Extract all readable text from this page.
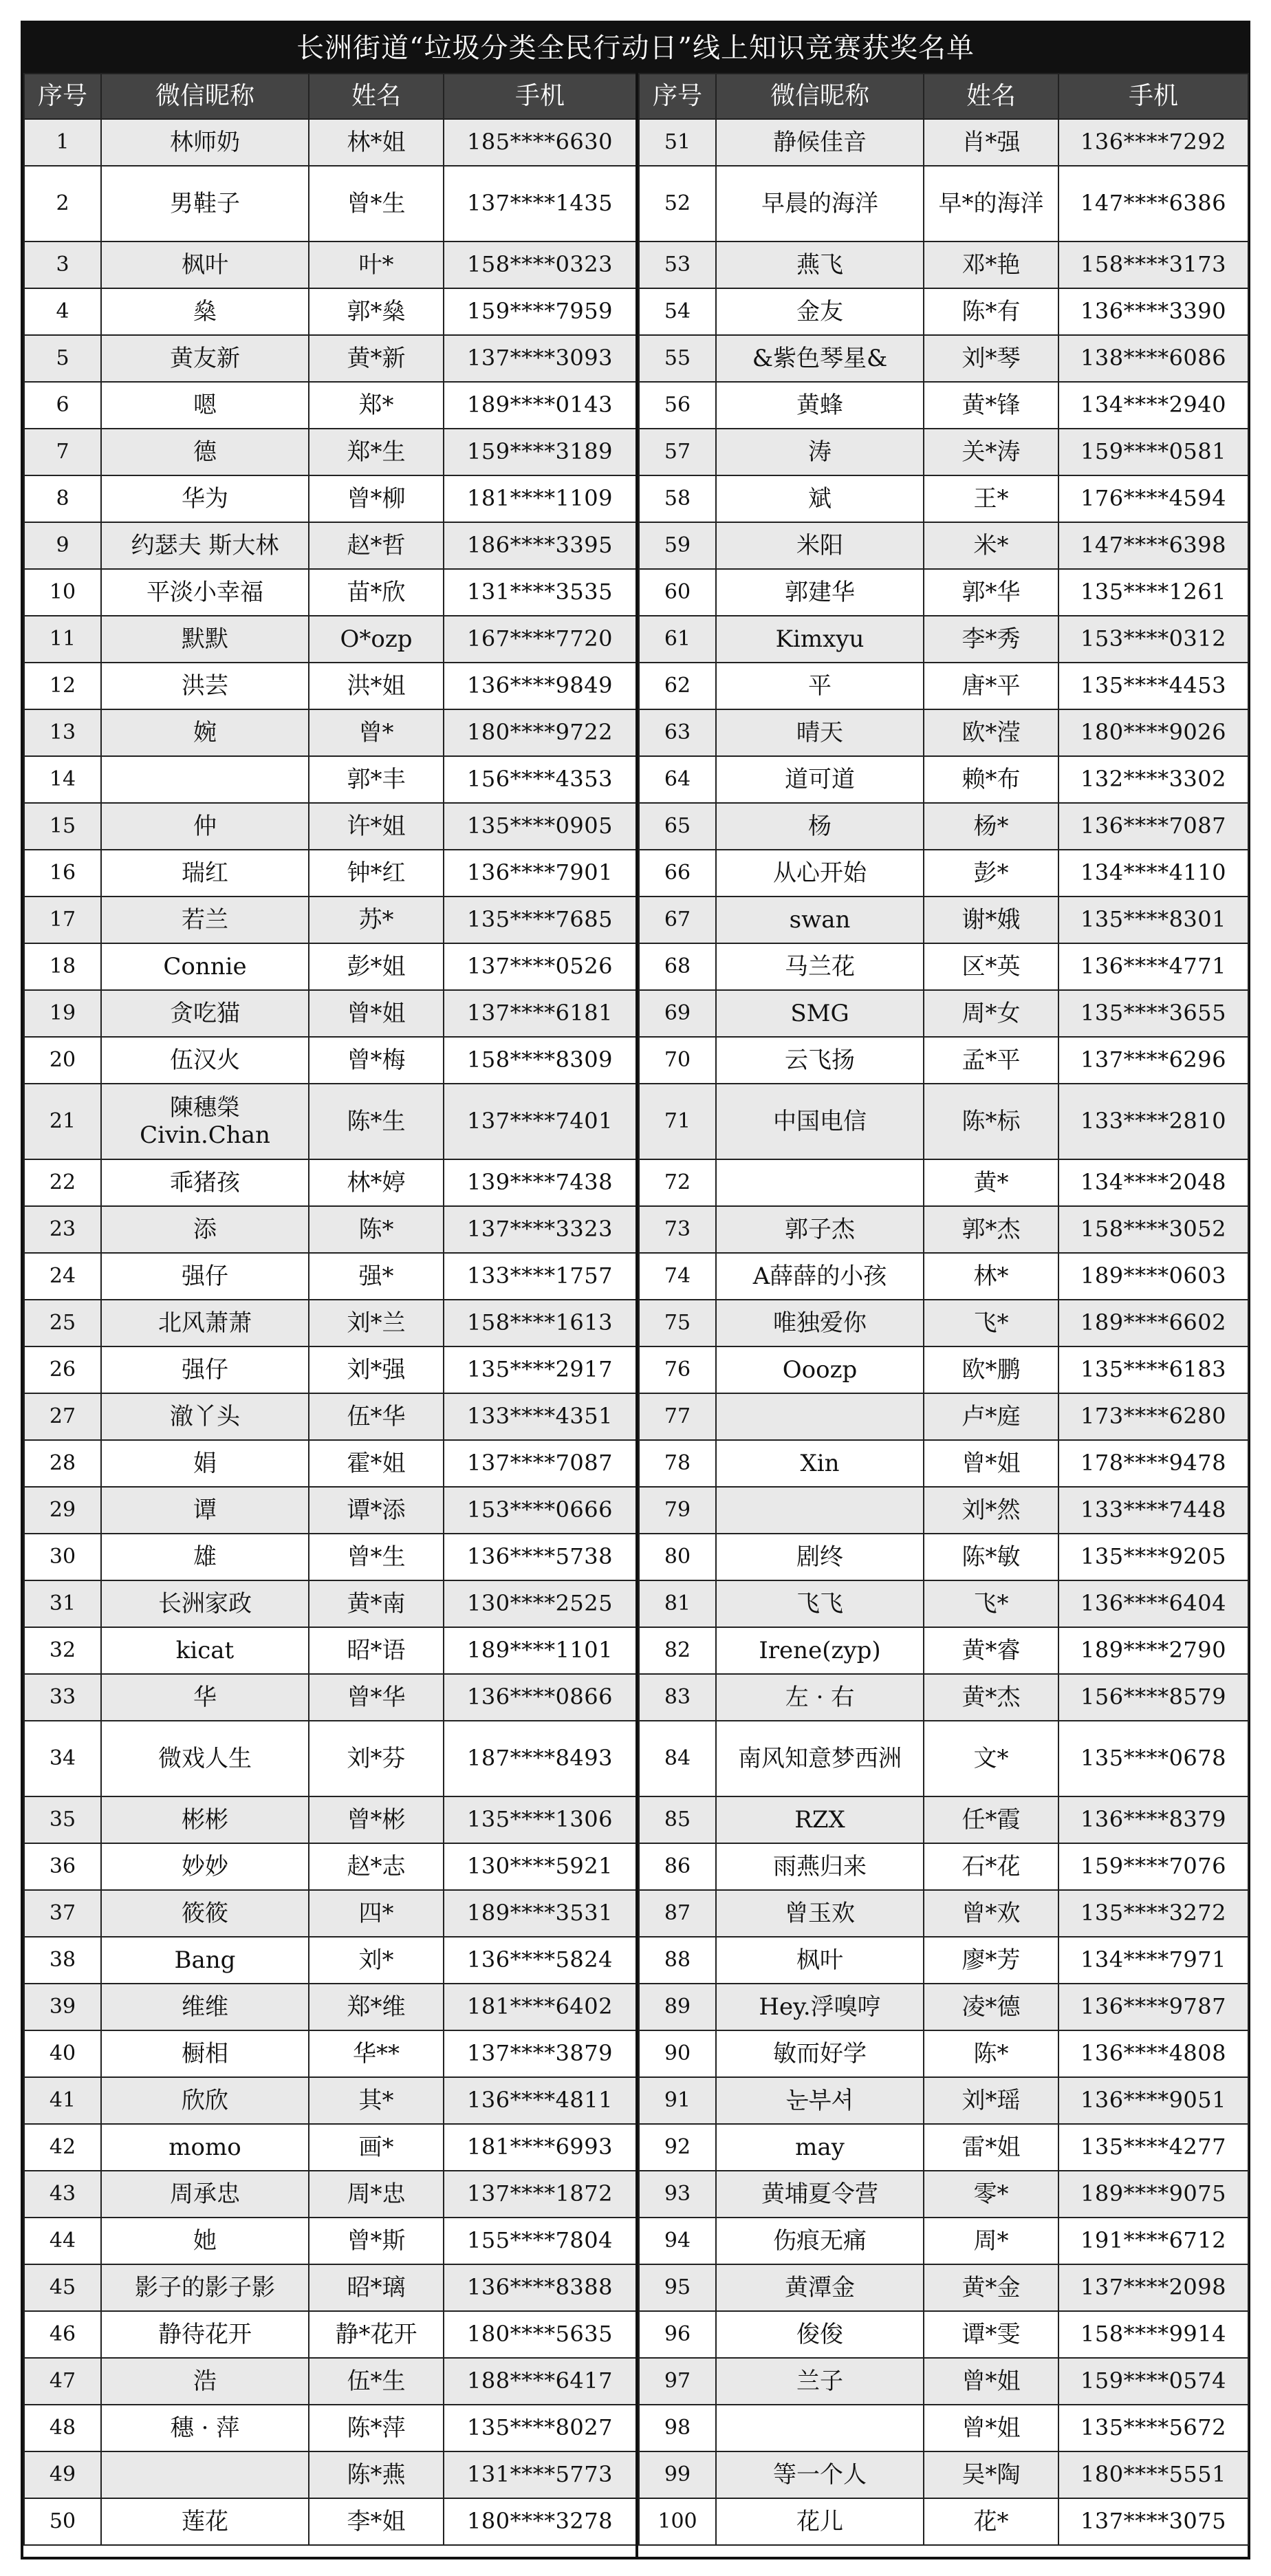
长洲街道“垃圾分类全民行动日”线上知识竞赛获奖名单
序号	微信昵称	姓名	手机
1	林师奶	林*姐	185****6630
2	男鞋子	曾*生	137****1435
3	枫叶	叶*	158****0323
4	燊	郭*燊	159****7959
5	黄友新	黄*新	137****3093
6	嗯	郑*	189****0143
7	德	郑*生	159****3189
8	华为	曾*柳	181****1109
9	约瑟夫 斯大林	赵*哲	186****3395
10	平淡小幸福	苗*欣	131****3535
11	默默	O*ozp	167****7720
12	洪芸	洪*姐	136****9849
13	婉	曾*	180****9722
14		郭*丰	156****4353
15	仲	许*姐	135****0905
16	瑞红	钟*红	136****7901
17	若兰	苏*	135****7685
18	Connie	彭*姐	137****0526
19	贪吃猫	曾*姐	137****6181
20	伍汉火	曾*梅	158****8309
21	陳穗榮 Civin.Chan	陈*生	137****7401
22	乖猪孩	林*婷	139****7438
23	添	陈*	137****3323
24	强仔	强*	133****1757
25	北风萧萧	刘*兰	158****1613
26	强仔	刘*强	135****2917
27	澈丫头	伍*华	133****4351
28	娟	霍*姐	137****7087
29	谭	谭*添	153****0666
30	雄	曾*生	136****5738
31	长洲家政	黄*南	130****2525
32	kicat	昭*语	189****1101
33	华	曾*华	136****0866
34	微戏人生	刘*芬	187****8493
35	彬彬	曾*彬	135****1306
36	妙妙	赵*志	130****5921
37	筱筱	四*	189****3531
38	Bang	刘*	136****5824
39	维维	郑*维	181****6402
40	橱相	华**	137****3879
41	欣欣	其*	136****4811
42	momo	画*	181****6993
43	周承忠	周*忠	137****1872
44	她	曾*斯	155****7804
45	影子的影子影	昭*璃	136****8388
46	静待花开	静*花开	180****5635
47	浩	伍*生	188****6417
48	穗 · 萍	陈*萍	135****8027
49		陈*燕	131****5773
50	莲花	李*姐	180****3278
序号	微信昵称	姓名	手机
51	静候佳音	肖*强	136****7292
52	早晨的海洋	早*的海洋	147****6386
53	燕飞	邓*艳	158****3173
54	金友	陈*有	136****3390
55	&紫色琴星&	刘*琴	138****6086
56	黄蜂	黄*锋	134****2940
57	涛	关*涛	159****0581
58	斌	王*	176****4594
59	米阳	米*	147****6398
60	郭建华	郭*华	135****1261
61	Kimxyu	李*秀	153****0312
62	平	唐*平	135****4453
63	晴天	欧*滢	180****9026
64	道可道	赖*布	132****3302
65	杨	杨*	136****7087
66	从心开始	彭*	134****4110
67	swan	谢*娥	135****8301
68	马兰花	区*英	136****4771
69	SMG	周*女	135****3655
70	云飞扬	孟*平	137****6296
71	中国电信	陈*标	133****2810
72		黄*	134****2048
73	郭子杰	郭*杰	158****3052
74	A薛薛的小孩	林*	189****0603
75	唯独爱你	飞*	189****6602
76	Ooozp	欧*鹏	135****6183
77		卢*庭	173****6280
78	Xin	曾*姐	178****9478
79		刘*然	133****7448
80	剧终	陈*敏	135****9205
81	飞飞	飞*	136****6404
82	Irene(zyp)	黄*睿	189****2790
83	左 · 右	黄*杰	156****8579
84	南风知意梦西洲	文*	135****0678
85	RZX	任*霞	136****8379
86	雨燕归来	石*花	159****7076
87	曾玉欢	曾*欢	135****3272
88	枫叶	廖*芳	134****7971
89	Hey.浮嗅哼	凌*德	136****9787
90	敏而好学	陈*	136****4808
91	눈부셔	刘*瑶	136****9051
92	may	雷*姐	135****4277
93	黄埔夏令营	零*	189****9075
94	伤痕无痛	周*	191****6712
95	黄潭金	黄*金	137****2098
96	俊俊	谭*雯	158****9914
97	兰子	曾*姐	159****0574
98		曾*姐	135****5672
99	等一个人	吴*陶	180****5551
100	花儿	花*	137****3075
